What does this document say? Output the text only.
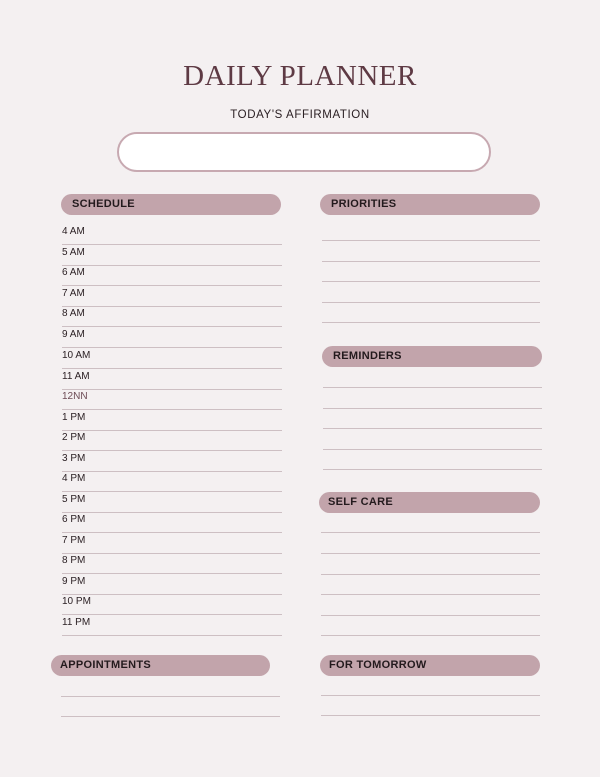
DAILY PLANNER
TODAY'S AFFIRMATION
SCHEDULE
4 AM
5 AM
6 AM
7 AM
8 AM
9 AM
10 AM
11 AM
12NN
1 PM
2 PM
3 PM
4 PM
5 PM
6 PM
7 PM
8 PM
9 PM
10 PM
11 PM
PRIORITIES
REMINDERS
SELF CARE
APPOINTMENTS	FOR TOMORROW
